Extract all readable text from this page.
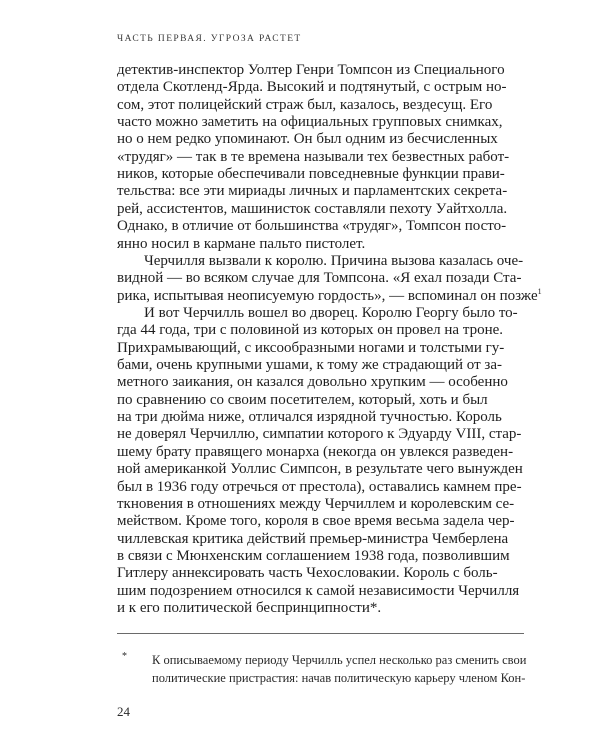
ЧАСТЬ ПЕРВАЯ. УГРОЗА РАСТЕТ
детектив-инспектор Уолтер Генри Томпсон из Специального
отдела Скотленд-Ярда. Высокий и подтянутый, с острым но-
сом, этот полицейский страж был, казалось, вездесущ. Его
часто можно заметить на официальных групповых снимках,
но о нем редко упоминают. Он был одним из бесчисленных
«трудяг» — так в те времена называли тех безвестных работ-
ников, которые обеспечивали повседневные функции прави-
тельства: все эти мириады личных и парламентских секрета-
рей, ассистентов, машинисток составляли пехоту Уайтхолла.
Однако, в отличие от большинства «трудяг», Томпсон посто-
янно носил в кармане пальто пистолет.
Черчилля вызвали к королю. Причина вызова казалась оче-
видной — во всяком случае для Томпсона. «Я ехал позади Ста-
рика, испытывая неописуемую гордость», — вспоминал он позже$^1$
И вот Черчилль вошел во дворец. Королю Георгу было то-
гда 44 года, три с половиной из которых он провел на троне.
Прихрамывающий, с иксообразными ногами и толстыми гу-
бами, очень крупными ушами, к тому же страдающий от за-
метного заикания, он казался довольно хрупким — особенно
по сравнению со своим посетителем, который, хоть и был
на три дюйма ниже, отличался изрядной тучностью. Король
не доверял Черчиллю, симпатии которого к Эдуарду VIII, стар-
шему брату правящего монарха (некогда он увлекся разведен-
ной американкой Уоллис Симпсон, в результате чего вынужден
был в 1936 году отречься от престола), оставались камнем пре-
ткновения в отношениях между Черчиллем и королевским се-
мейством. Кроме того, короля в свое время весьма задела чер-
чиллевская критика действий премьер-министра Чемберлена
в связи с Мюнхенским соглашением 1938 года, позволившим
Гитлеру аннексировать часть Чехословакии. Король с боль-
шим подозрением относился к самой независимости Черчилля
и к его политической беспринципности*.
* К описываемому периоду Черчилль успел несколько раз сменить свои
политические пристрастия: начав политическую карьеру членом Кон-
24
